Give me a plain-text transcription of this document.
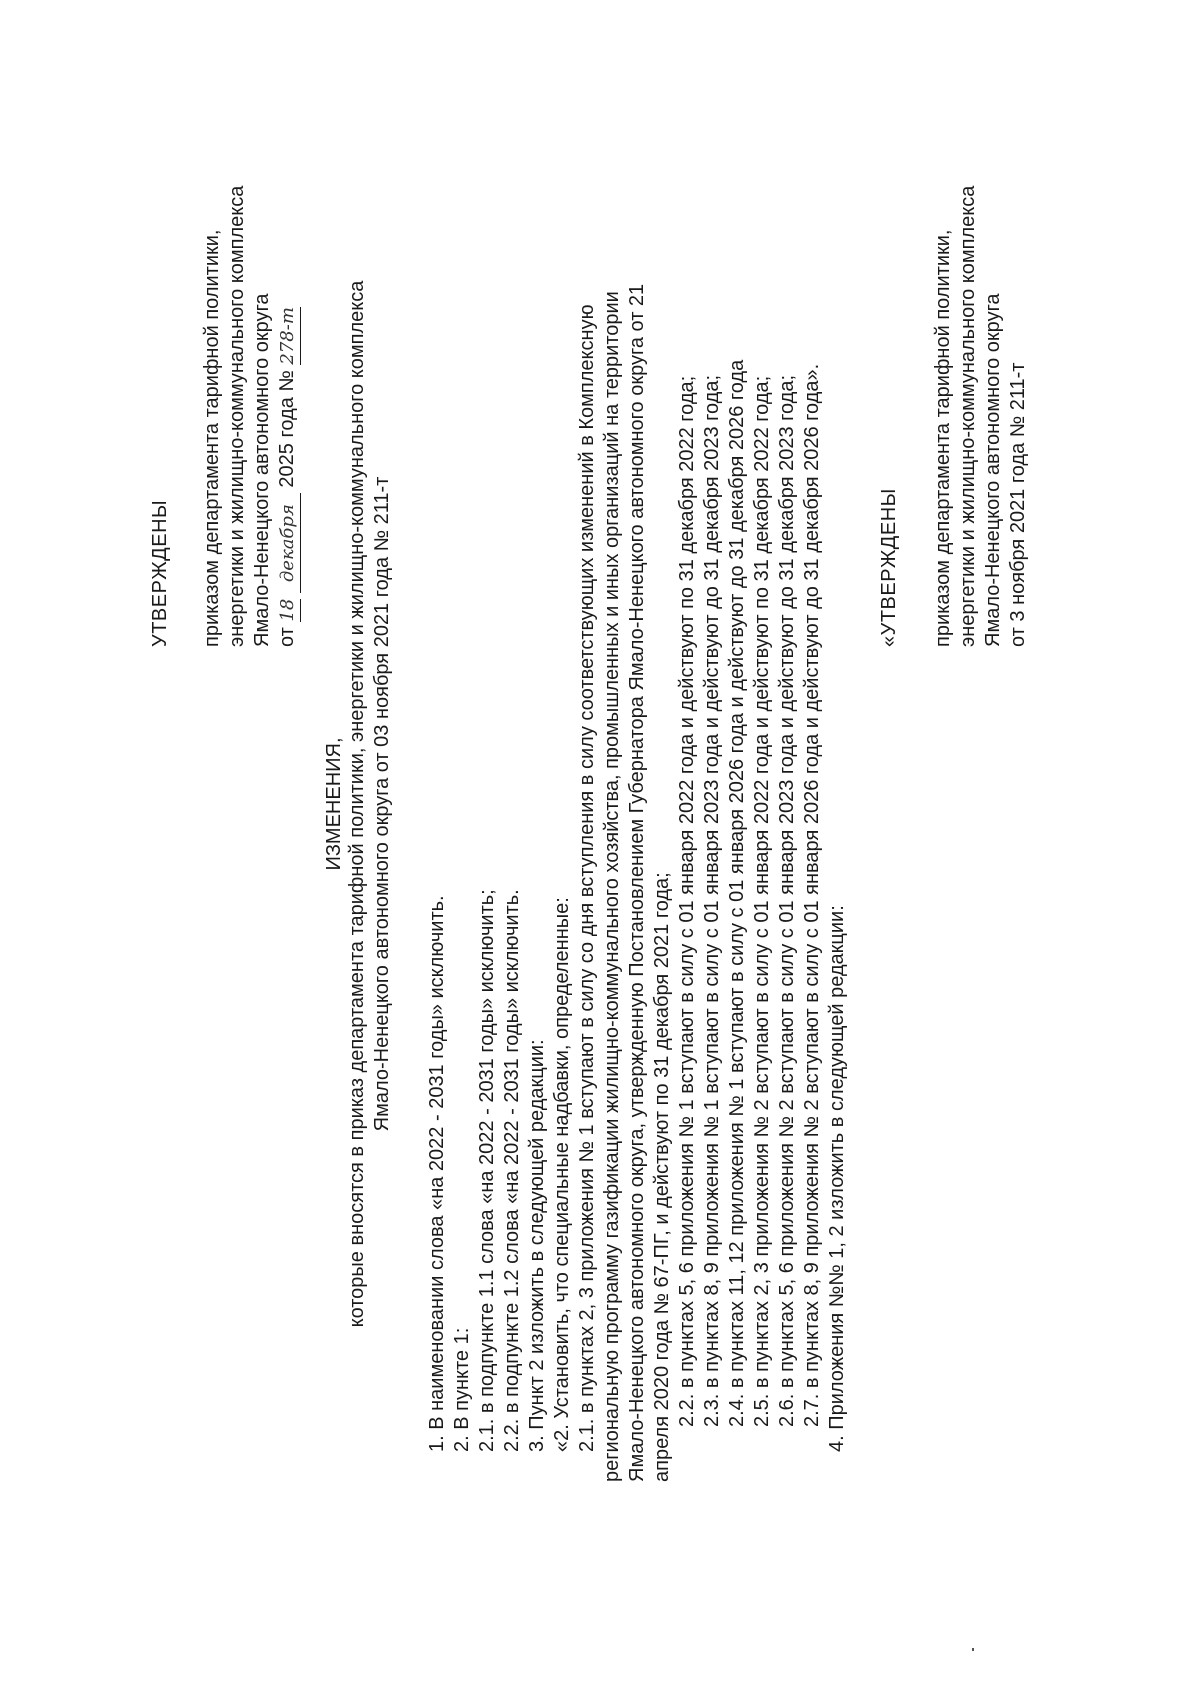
УТВЕРЖДЕНЫ приказом департамента тарифной политики, энергетики и жилищно-коммунального комплекса Ямало-Ненецкого автономного округа от 18 декабря 2025 года № 278-т
ИЗМЕНЕНИЯ, которые вносятся в приказ департамента тарифной политики, энергетики и жилищно-коммунального комплекса Ямало-Ненецкого автономного округа от 03 ноября 2021 года № 211-т
1. В наименовании слова «на 2022 - 2031 годы» исключить. 2. В пункте 1: 2.1. в подпункте 1.1 слова «на 2022 - 2031 годы» исключить; 2.2. в подпункте 1.2 слова «на 2022 - 2031 годы» исключить. 3. Пункт 2 изложить в следующей редакции: «2. Установить, что специальные надбавки, определенные: 2.1. в пунктах 2, 3 приложения № 1 вступают в силу со дня вступления в силу соответствующих изменений в Комплексную региональную программу газификации жилищно-коммунального хозяйства, промышленных и иных организаций на территории Ямало-Ненецкого автономного округа, утвержденную Постановлением Губернатора Ямало-Ненецкого автономного округа от 21 апреля 2020 года № 67-ПГ, и действуют по 31 декабря 2021 года; 2.2. в пунктах 5, 6 приложения № 1 вступают в силу с 01 января 2022 года и действуют по 31 декабря 2022 года; 2.3. в пунктах 8, 9 приложения № 1 вступают в силу с 01 января 2023 года и действуют до 31 декабря 2023 года; 2.4. в пунктах 11, 12 приложения № 1 вступают в силу с 01 января 2026 года и действуют до 31 декабря 2026 года 2.5. в пунктах 2, 3 приложения № 2 вступают в силу с 01 января 2022 года и действуют по 31 декабря 2022 года; 2.6. в пунктах 5, 6 приложения № 2 вступают в силу с 01 января 2023 года и действуют до 31 декабря 2023 года; 2.7. в пунктах 8, 9 приложения № 2 вступают в силу с 01 января 2026 года и действуют до 31 декабря 2026 года». 4. Приложения №№ 1, 2 изложить в следующей редакции:
«УТВЕРЖДЕНЫ приказом департамента тарифной политики, энергетики и жилищно-коммунального комплекса Ямало-Ненецкого автономного округа от 3 ноября 2021 года № 211-т
